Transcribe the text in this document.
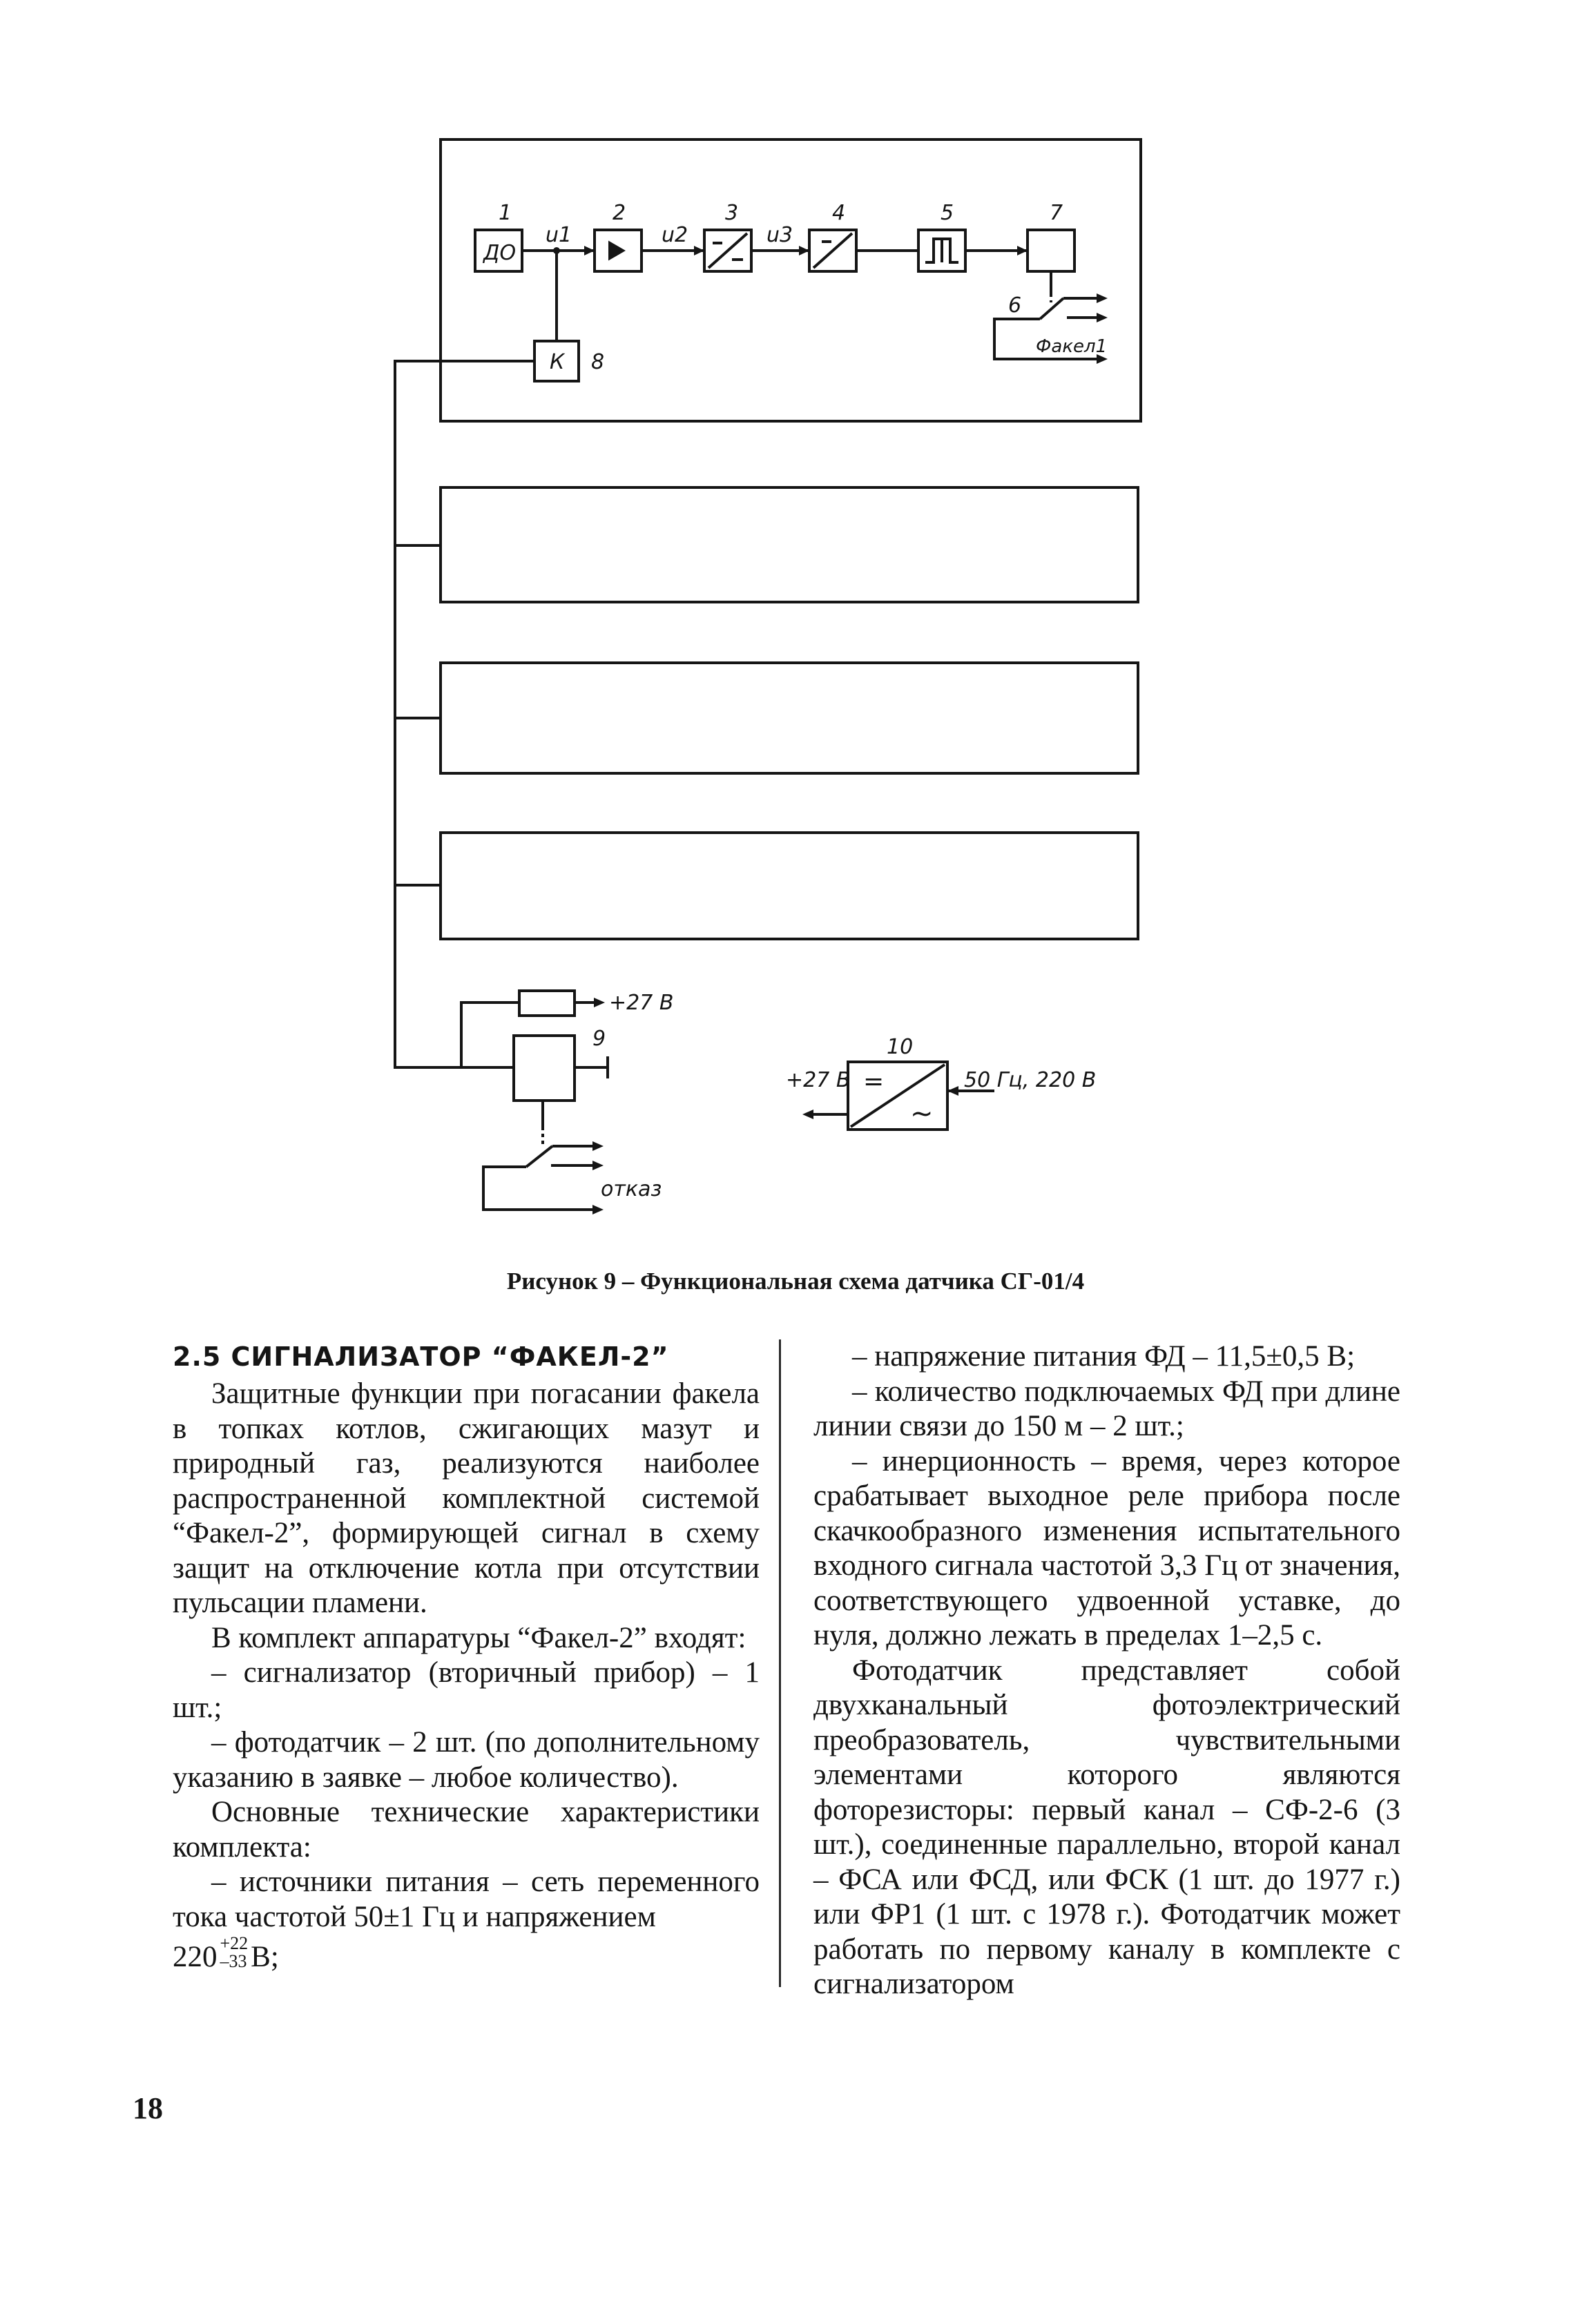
1
ДО
2	3	4	5	7
u1	u2	u3
К 8
6
Факел1
+27 В
9
отказ
10
=
~
+27 В	50 Гц, 220 В
Рисунок 9 – Функциональная схема датчика СГ-01/4
2.5 СИГНАЛИЗАТОР “ФАКЕЛ-2”

Защитные функции при погасании факела в топках котлов, сжигающих мазут и природный газ, реализуются наиболее распространенной комплектной системой “Факел-2”, формирующей сигнал в схему защит на отключение котла при отсутствии пульсации пламени.

В комплект аппаратуры “Факел-2” входят:

– сигнализатор (вторичный прибор) – 1 шт.;

– фотодатчик – 2 шт. (по дополнительному указанию в заявке – любое количество).

Основные технические характеристики комплекта:

– источники питания – сеть переменного тока частотой 50±1 Гц и напряжением

220 +22
–33 В;

– напряжение питания ФД – 11,5±0,5 В;

– количество подключаемых ФД при длине линии связи до 150 м – 2 шт.;

– инерционность – время, через которое срабатывает выходное реле прибора после скачкообразного изменения испытательного входного сигнала частотой 3,3 Гц от значения, соответствующего удвоенной уставке, до нуля, должно лежать в пределах 1–2,5 с.

Фотодатчик представляет собой двухканальный фотоэлектрический преобразователь, чувствительными элементами которого являются фоторезисторы: первый канал – СФ-2-6 (3 шт.), соединенные параллельно, второй канал – ФСА или ФСД, или ФСК (1 шт. до 1977 г.) или ФР1 (1 шт. с 1978 г.). Фотодатчик может работать по первому каналу в комплекте с сигнализатором

18
